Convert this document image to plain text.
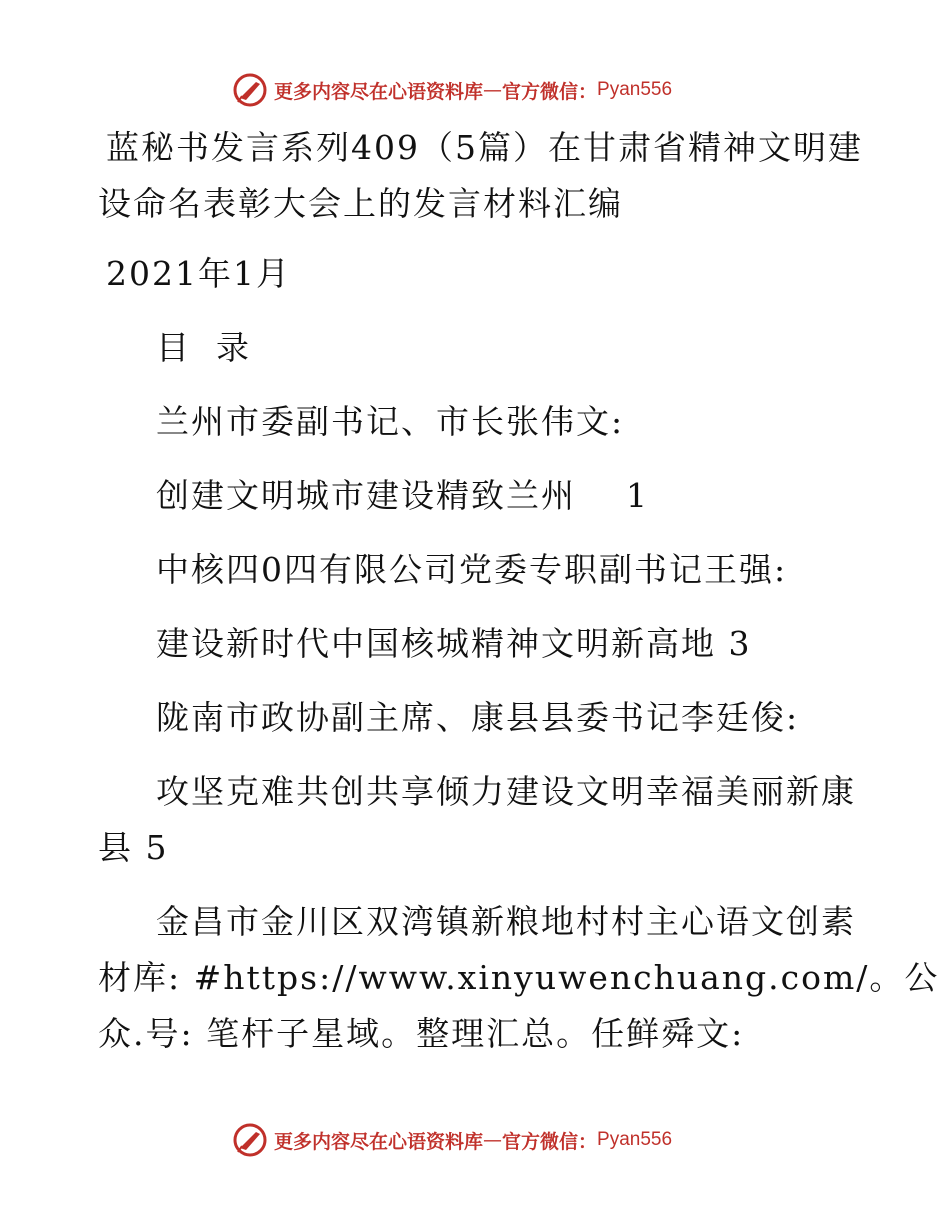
更多内容尽在心语资料库 — 官方微信： Pyan556
蓝秘书发言系列409（5篇）在甘肃省精神文明建
设命名表彰大会上的发言材料汇编
2021年1月
目  录
兰州市委副书记、市长张伟文:
创建文明城市建设精致兰州    1
中核四0四有限公司党委专职副书记王强:
建设新时代中国核城精神文明新高地 3
陇南市政协副主席、康县县委书记李廷俊:
攻坚克难共创共享倾力建设文明幸福美丽新康
县 5
金昌市金川区双湾镇新粮地村村主心语文创素
材库: #https://www.xinyuwenchuang.com/。公
众.号: 笔杆子星域。整理汇总。任鲜舜文:
更多内容尽在心语资料库 — 官方微信： Pyan556
